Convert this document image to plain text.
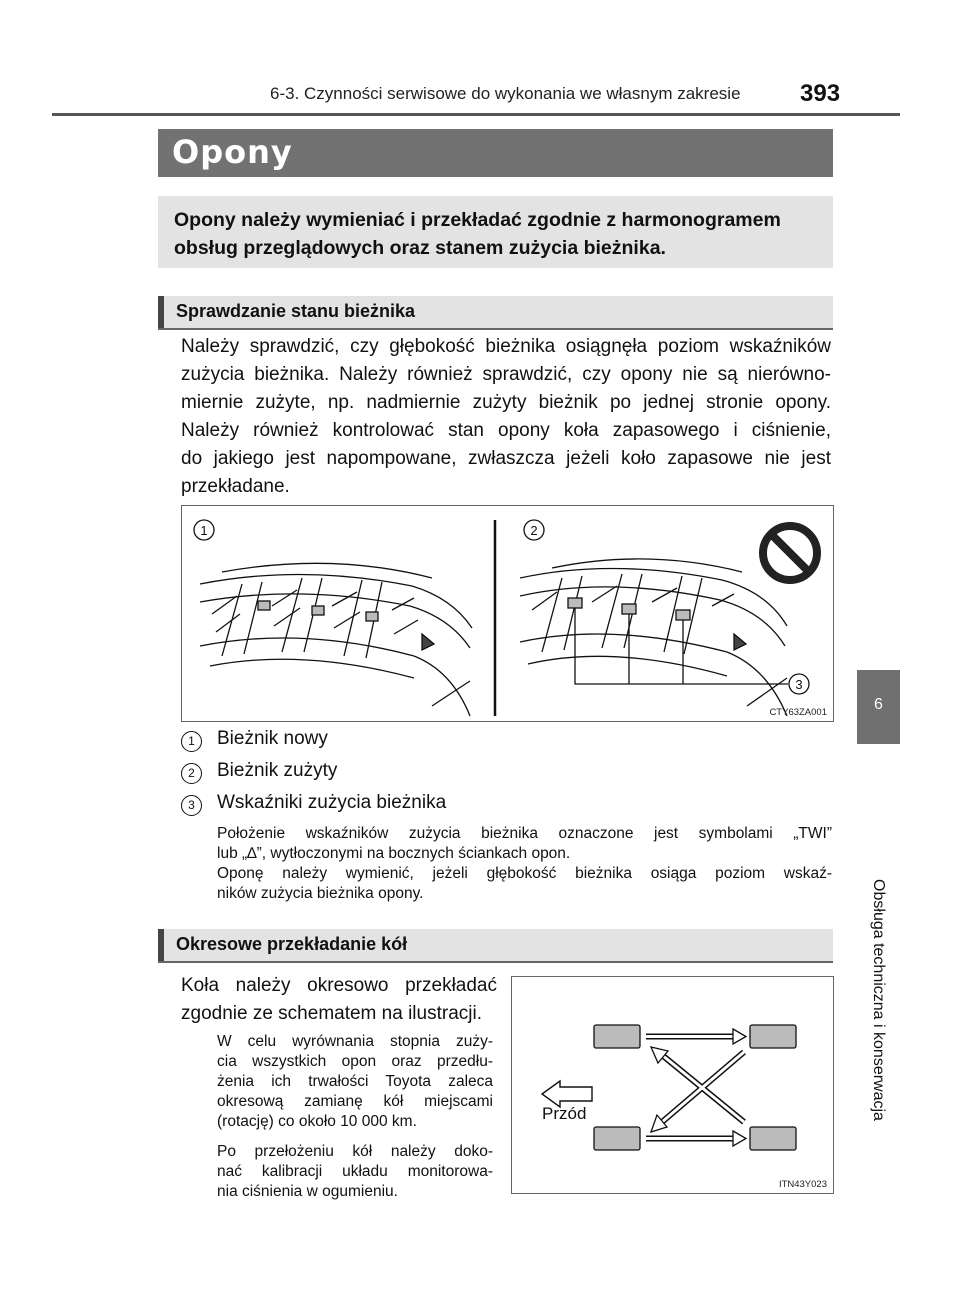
6-3. Czynności serwisowe do wykonania we własnym zakresie 393
Opony
Opony należy wymieniać i przekładać zgodnie z harmonogramem
obsług przeglądowych oraz stanem zużycia bieżnika.
Sprawdzanie stanu bieżnika
Należy sprawdzić, czy głębokość bieżnika osiągnęła poziom wskaźników
zużycia bieżnika. Należy również sprawdzić, czy opony nie są nierówno-
miernie zużyte, np. nadmiernie zużyty bieżnik po jednej stronie opony.
Należy również kontrolować stan opony koła zapasowego i ciśnienie,
do jakiego jest napompowane, zwłaszcza jeżeli koło zapasowe nie jest
przekładane.
1	2
3
CTY63ZA001
1	Bieżnik nowy
2	Bieżnik zużyty
3	Wskaźniki zużycia bieżnika
Położenie wskaźników zużycia bieżnika oznaczone jest symbolami „TWI”
lub „∆”, wytłoczonymi na bocznych ściankach opon.
Oponę należy wymienić, jeżeli głębokość bieżnika osiąga poziom wskaź-
ników zużycia bieżnika opony.
Okresowe przekładanie kół
Koła należy okresowo przekładać
zgodnie ze schematem na ilustracji.
W celu wyrównania stopnia zuży-
cia wszystkich opon oraz przedłu-
żenia ich trwałości Toyota zaleca
okresową zamianę kół miejscami
(rotację) co około 10 000 km.
Po przełożeniu kół należy doko-
nać kalibracji układu monitorowa-
nia ciśnienia w ogumieniu.
Przód
ITN43Y023
6
Obsługa techniczna i konserwacja
